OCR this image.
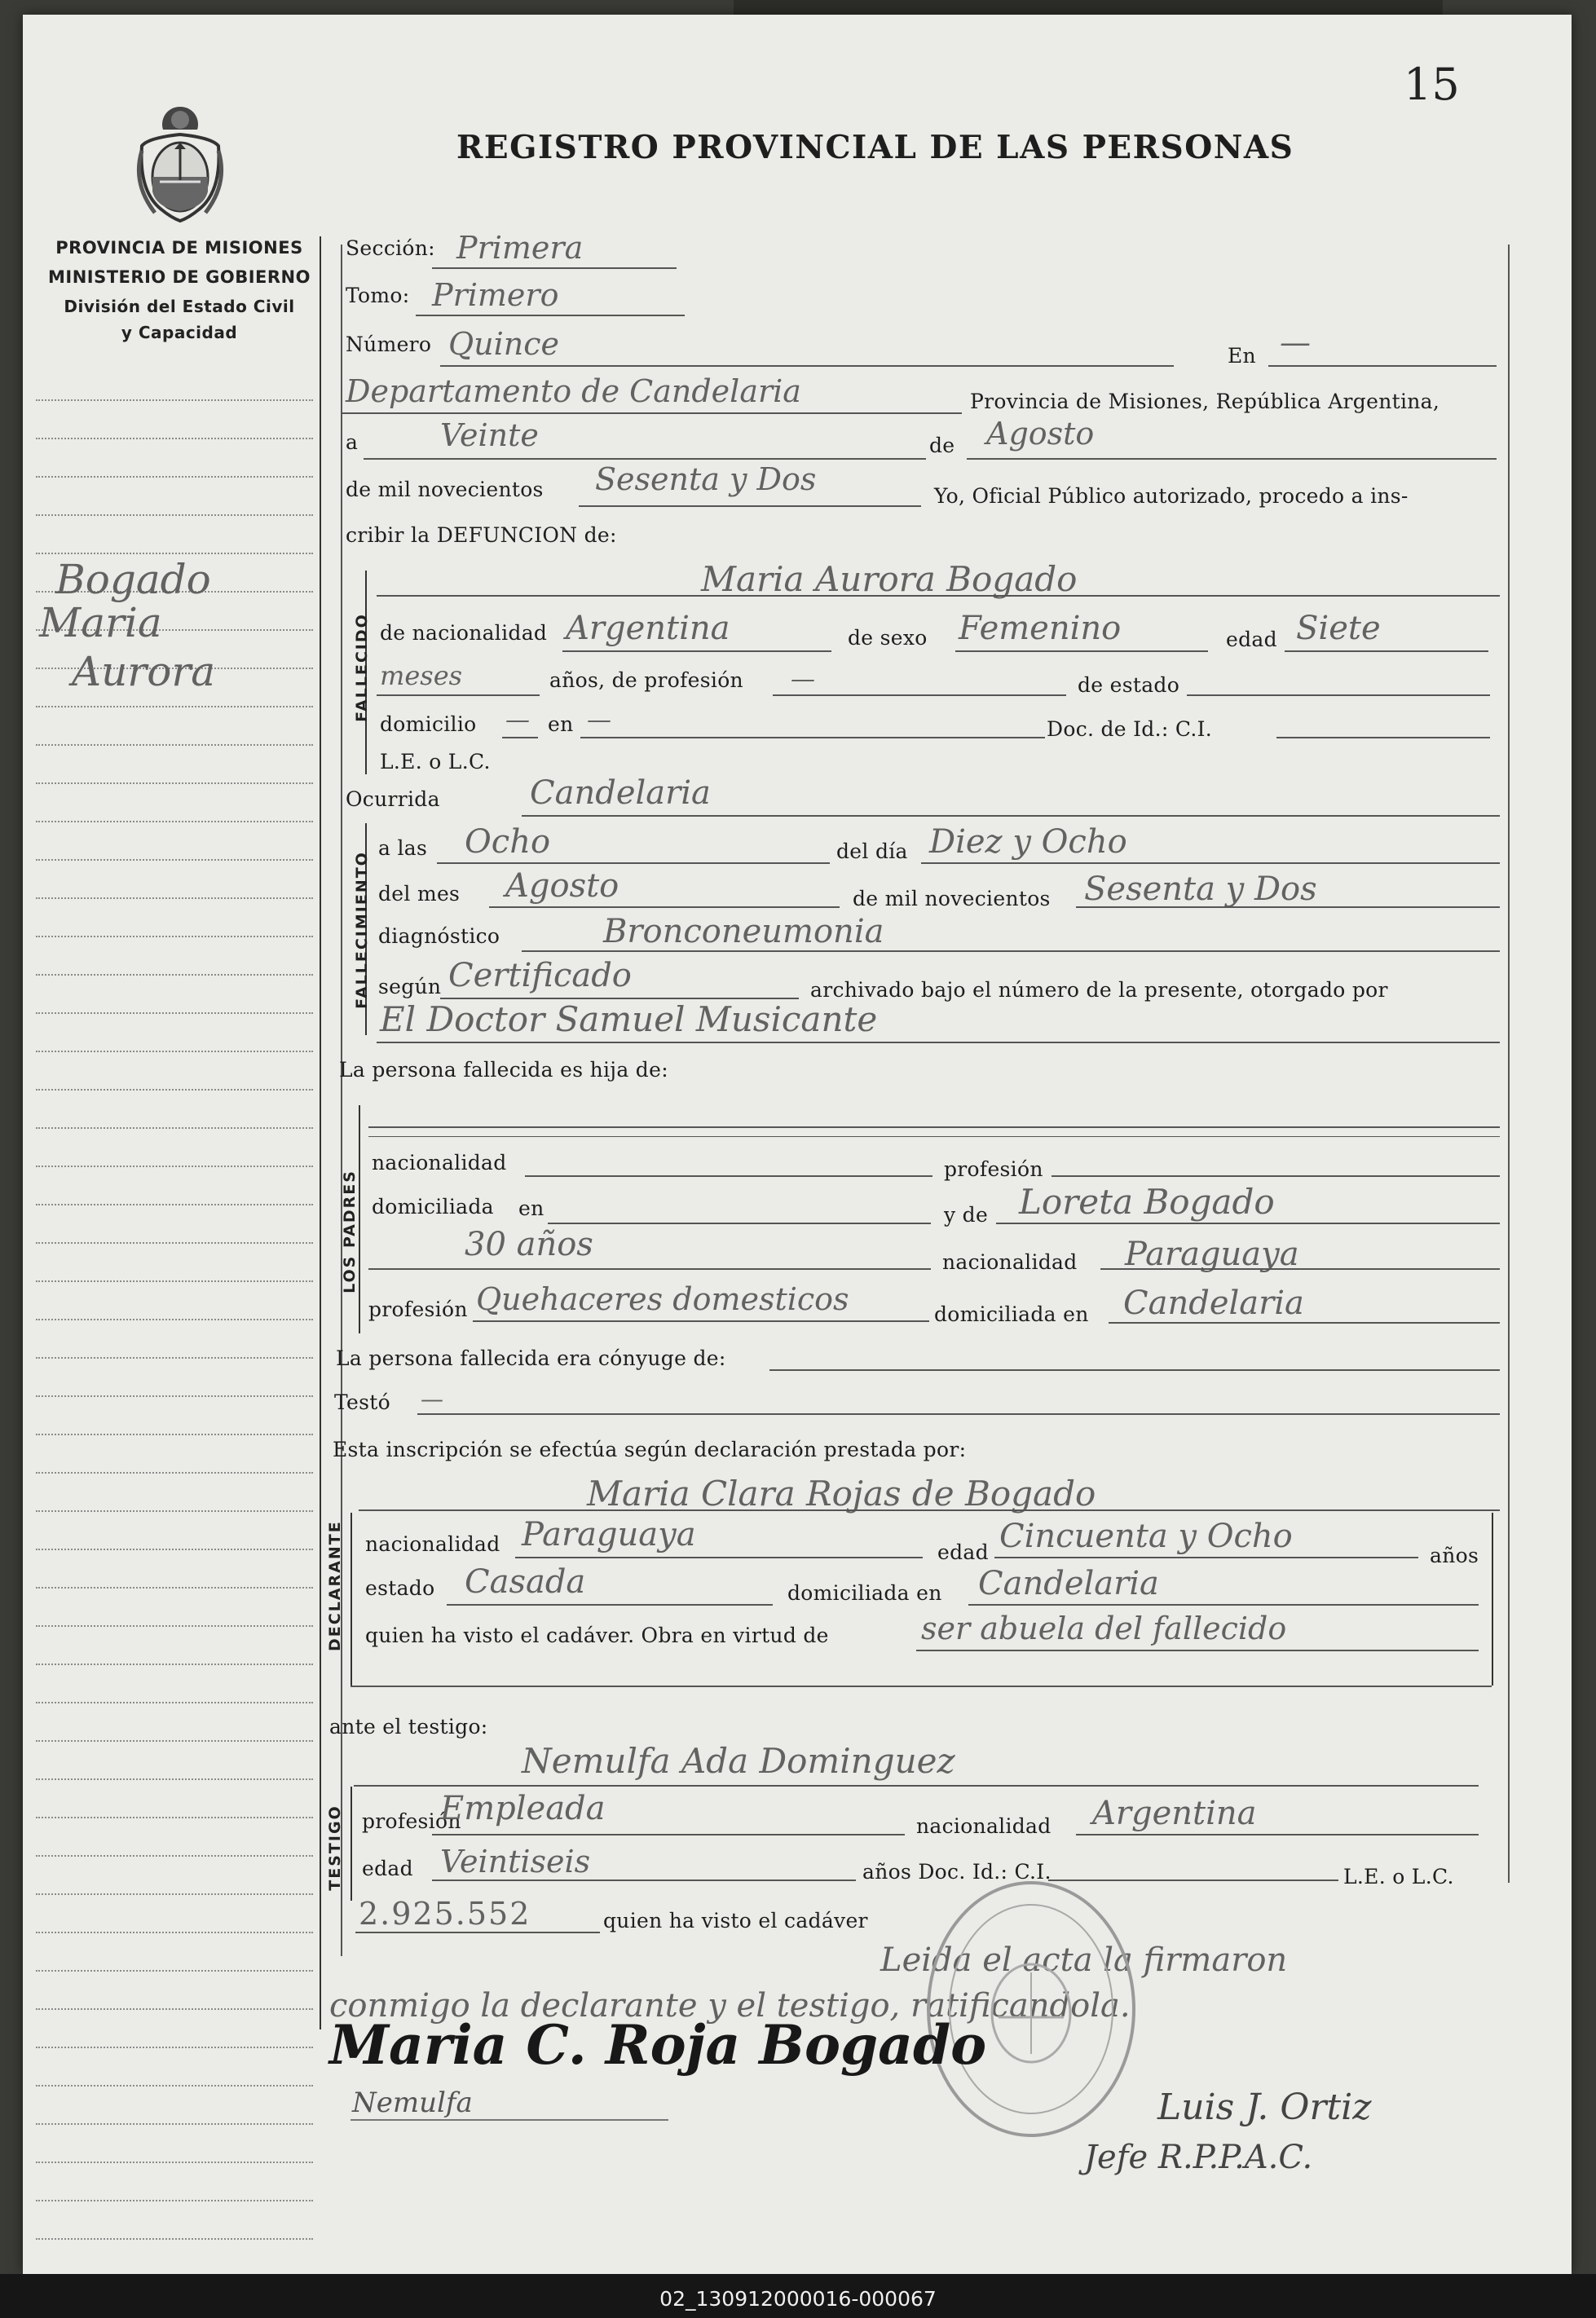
15
REGISTRO PROVINCIAL DE LAS PERSONAS
PROVINCIA DE MISIONES
MINISTERIO DE GOBIERNO
División del Estado Civil
y Capacidad
Bogado
Maria
Aurora
Sección: Primera
Tomo: Primero
Número Quince	En —
Departamento de Candelaria	Provincia de Misiones, República Argentina,
a	Veinte	de Agosto
de mil novecientos Sesenta y Dos	Yo, Oficial Público autorizado, procedo a ins-
cribir la DEFUNCION de:
FALLECIDO
Maria Aurora Bogado
de nacionalidad Argentina	de sexo Femenino	edad Siete
meses	años, de profesión —	de estado
domicilio — en —	Doc. de Id.: C.I.
L.E. o L.C.
Ocurrida	Candelaria
FALLECIMIENTO
a las Ocho	del día Diez y Ocho
del mes Agosto	de mil novecientos Sesenta y Dos
diagnóstico	Bronconeumonia
según Certificado	archivado bajo el número de la presente, otorgado por
El Doctor Samuel Musicante
La persona fallecida es hija de:
LOS PADRES
nacionalidad	profesión
domiciliada en	y de Loreta Bogado
30 años	nacionalidad Paraguaya
profesión Quehaceres domesticos	domiciliada en Candelaria
La persona fallecida era cónyuge de:
Testó —
Esta inscripción se efectúa según declaración prestada por:
Maria Clara Rojas de Bogado
DECLARANTE nacionalidad Paraguaya	edad Cincuenta y Ocho
años
estado Casada	domiciliada en Candelaria
quien ha visto el cadáver. Obra en virtud de	ser abuela del fallecido
ante el testigo:
Nemulfa Ada Dominguez
TESTIGO profesión
Empleada	nacionalidad Argentina
edad Veintiseis	años Doc. Id.: C.I.	L.E. o L.C.
2.925.552	quien ha visto el cadáver
Leida el acta la firmaron
conmigo la declarante y el testigo, ratificandola.
Maria C. Roja Bogado
Nemulfa	Luis J. Ortiz
Jefe R.P.P.A.C.
02_130912000016-000067
